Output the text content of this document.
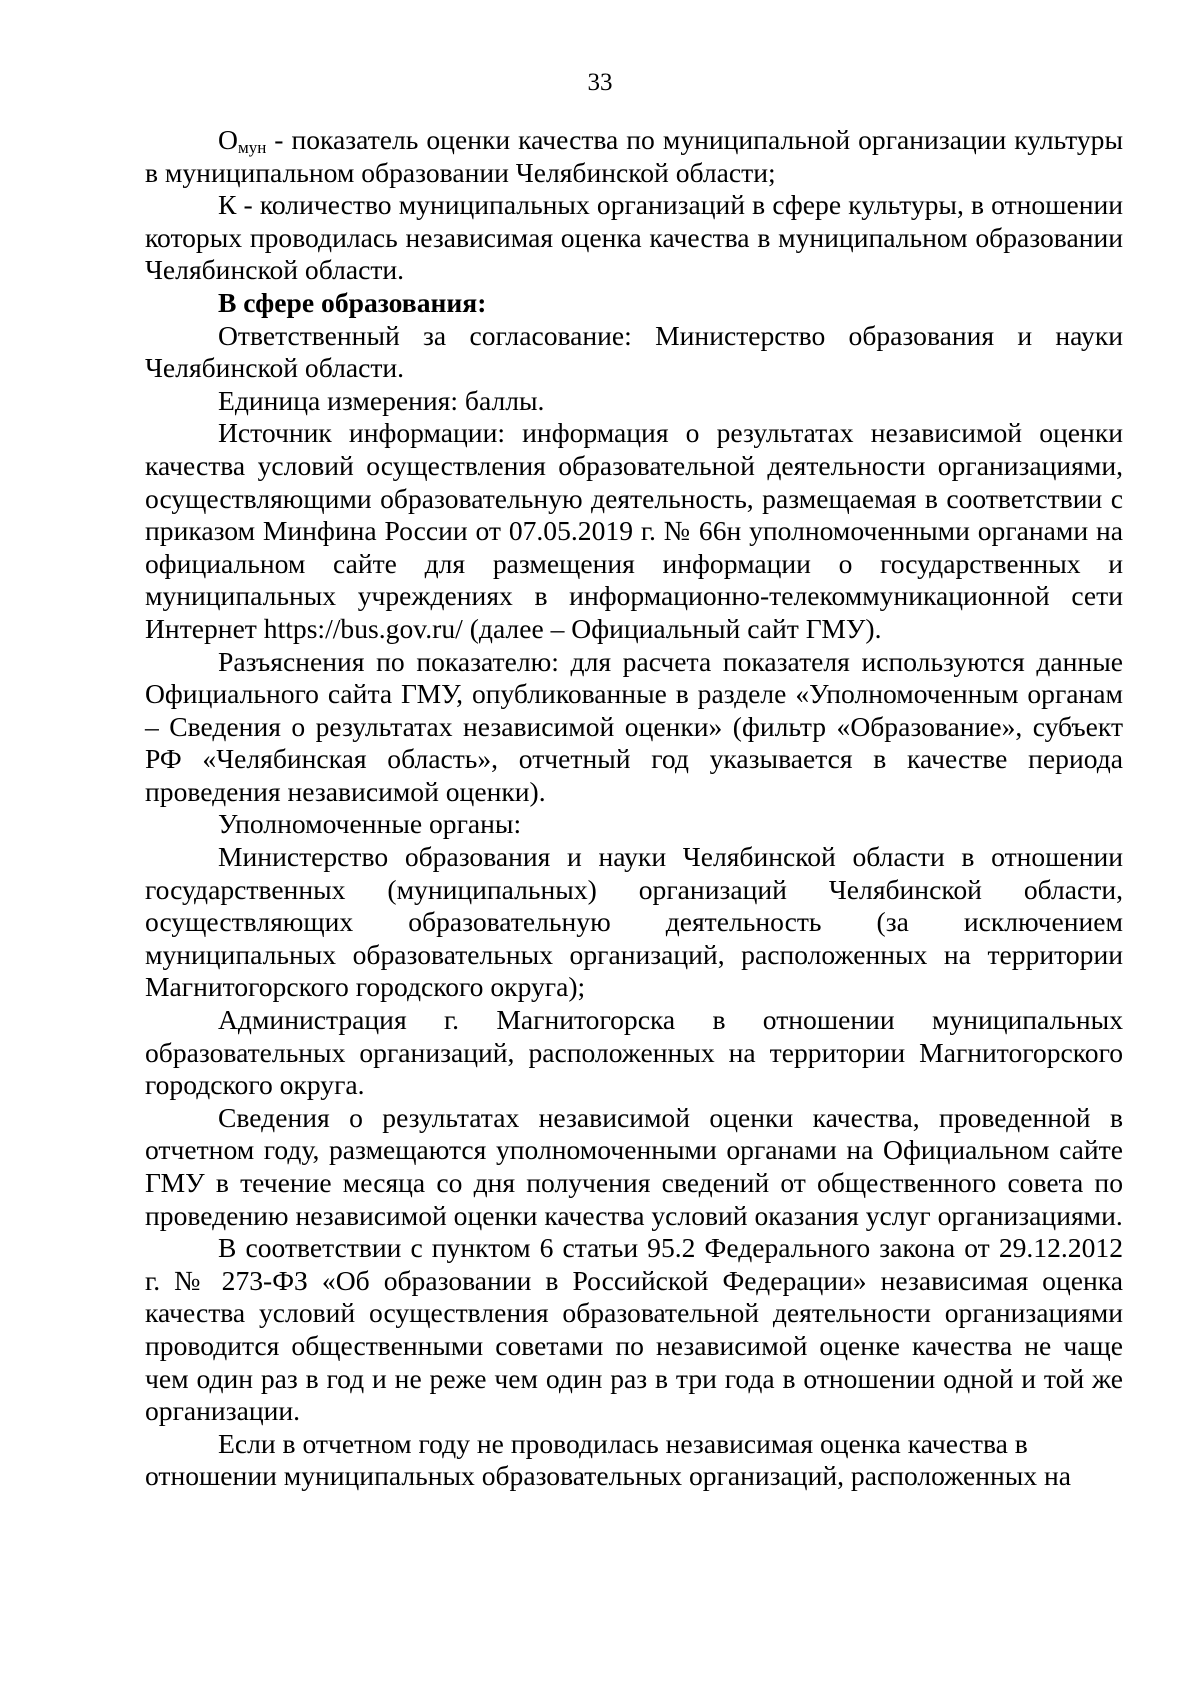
33

$О_{мун}$ - показатель оценки качества по муниципальной организации культуры в муниципальном образовании Челябинской области;

К - количество муниципальных организаций в сфере культуры, в отношении которых проводилась независимая оценка качества в муниципальном образовании Челябинской области.

В сфере образования:

Ответственный за согласование: Министерство образования и науки Челябинской области.

Единица измерения: баллы.

Источник информации: информация о результатах независимой оценки качества условий осуществления образовательной деятельности организациями, осуществляющими образовательную деятельность, размещаемая в соответствии с приказом Минфина России от 07.05.2019 г. № 66н уполномоченными органами на официальном сайте для размещения информации о государственных и муниципальных учреждениях в информационно-телекоммуникационной сети Интернет https://bus.gov.ru/ (далее – Официальный сайт ГМУ).

Разъяснения по показателю: для расчета показателя используются данные Официального сайта ГМУ, опубликованные в разделе «Уполномоченным органам – Сведения о результатах независимой оценки» (фильтр «Образование», субъект РФ «Челябинская область», отчетный год указывается в качестве периода проведения независимой оценки).

Уполномоченные органы:

Министерство образования и науки Челябинской области в отношении государственных (муниципальных) организаций Челябинской области, осуществляющих образовательную деятельность (за исключением муниципальных образовательных организаций, расположенных на территории Магнитогорского городского округа);

Администрация г. Магнитогорска в отношении муниципальных образовательных организаций, расположенных на территории Магнитогорского городского округа.

Сведения о результатах независимой оценки качества, проведенной в отчетном году, размещаются уполномоченными органами на Официальном сайте ГМУ в течение месяца со дня получения сведений от общественного совета по проведению независимой оценки качества условий оказания услуг организациями.

В соответствии с пунктом 6 статьи 95.2 Федерального закона от 29.12.2012 г. № 273-ФЗ «Об образовании в Российской Федерации» независимая оценка качества условий осуществления образовательной деятельности организациями проводится общественными советами по независимой оценке качества не чаще чем один раз в год и не реже чем один раз в три года в отношении одной и той же организации.

Если в отчетном году не проводилась независимая оценка качества в отношении муниципальных образовательных организаций, расположенных на
